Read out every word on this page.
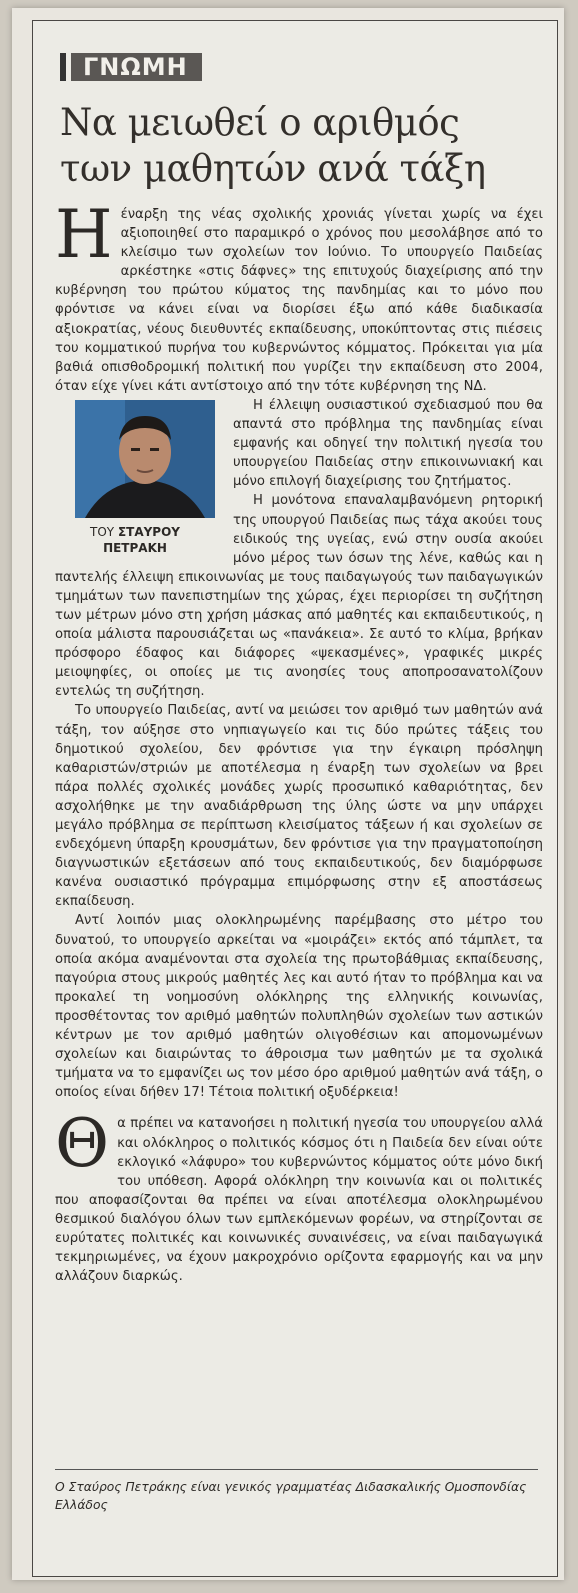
ΓΝΩΜΗ
Να μειωθεί ο αριθμός
των μαθητών ανά τάξη

Η έναρξη της νέας σχολικής χρονιάς γίνεται χωρίς να έχει αξιοποιηθεί στο παραμικρό ο χρόνος που μεσολάβησε από το κλείσιμο των σχολείων τον Ιούνιο. Το υπουργείο Παιδείας αρκέστηκε «στις δάφνες» της επιτυχούς διαχείρισης από την κυβέρνηση του πρώτου κύματος της πανδημίας και το μόνο που φρόντισε να κάνει είναι να διορίσει έξω από κάθε διαδικασία αξιοκρατίας, νέους διευθυντές εκπαίδευσης, υποκύπτοντας στις πιέσεις του κομματικού πυρήνα του κυβερνώντος κόμματος. Πρόκειται για μία βαθιά οπισθοδρομική πολιτική που γυρίζει την εκπαίδευση στο 2004, όταν είχε γίνει κάτι αντίστοιχο από την τότε κυβέρνηση της ΝΔ.

ΤΟΥ ΣΤΑΥΡΟΥ
ΠΕΤΡΑΚΗ

Η έλλειψη ουσιαστικού σχεδιασμού που θα απαντά στο πρόβλημα της πανδημίας είναι εμφανής και οδηγεί την πολιτική ηγεσία του υπουργείου Παιδείας στην επικοινωνιακή και μόνο επιλογή διαχείρισης του ζητήματος.

Η μονότονα επαναλαμβανόμενη ρητορική της υπουργού Παιδείας πως τάχα ακούει τους ειδικούς της υγείας, ενώ στην ουσία ακούει μόνο μέρος των όσων της λένε, καθώς και η παντελής έλλειψη επικοινωνίας με τους παιδαγωγούς των παιδαγωγικών τμημάτων των πανεπιστημίων της χώρας, έχει περιορίσει τη συζήτηση των μέτρων μόνο στη χρήση μάσκας από μαθητές και εκπαιδευτικούς, η οποία μάλιστα παρουσιάζεται ως «πανάκεια». Σε αυτό το κλίμα, βρήκαν πρόσφορο έδαφος και διάφορες «ψεκασμένες», γραφικές μικρές μειοψηφίες, οι οποίες με τις ανοησίες τους αποπροσανατολίζουν εντελώς τη συζήτηση.

Το υπουργείο Παιδείας, αντί να μειώσει τον αριθμό των μαθητών ανά τάξη, τον αύξησε στο νηπιαγωγείο και τις δύο πρώτες τάξεις του δημοτικού σχολείου, δεν φρόντισε για την έγκαιρη πρόσληψη καθαριστών/στριών με αποτέλεσμα η έναρξη των σχολείων να βρει πάρα πολλές σχολικές μονάδες χωρίς προσωπικό καθαριότητας, δεν ασχολήθηκε με την αναδιάρθρωση της ύλης ώστε να μην υπάρχει μεγάλο πρόβλημα σε περίπτωση κλεισίματος τάξεων ή και σχολείων σε ενδεχόμενη ύπαρξη κρουσμάτων, δεν φρόντισε για την πραγματοποίηση διαγνωστικών εξετάσεων από τους εκπαιδευτικούς, δεν διαμόρφωσε κανένα ουσιαστικό πρόγραμμα επιμόρφωσης στην εξ αποστάσεως εκπαίδευση.

Αντί λοιπόν μιας ολοκληρωμένης παρέμβασης στο μέτρο του δυνατού, το υπουργείο αρκείται να «μοιράζει» εκτός από τάμπλετ, τα οποία ακόμα αναμένονται στα σχολεία της πρωτοβάθμιας εκπαίδευσης, παγούρια στους μικρούς μαθητές λες και αυτό ήταν το πρόβλημα και να προκαλεί τη νοημοσύνη ολόκληρης της ελληνικής κοινωνίας, προσθέτοντας τον αριθμό μαθητών πολυπληθών σχολείων των αστικών κέντρων με τον αριθμό μαθητών ολιγοθέσιων και απομονωμένων σχολείων και διαιρώντας το άθροισμα των μαθητών με τα σχολικά τμήματα να το εμφανίζει ως τον μέσο όρο αριθμού μαθητών ανά τάξη, ο οποίος είναι δήθεν 17! Τέτοια πολιτική οξυδέρκεια!

Θ α πρέπει να κατανοήσει η πολιτική ηγεσία του υπουργείου αλλά και ολόκληρος ο πολιτικός κόσμος ότι η Παιδεία δεν είναι ούτε εκλογικό «λάφυρο» του κυβερνώντος κόμματος ούτε μόνο δική του υπόθεση. Αφορά ολόκληρη την κοινωνία και οι πολιτικές που αποφασίζονται θα πρέπει να είναι αποτέλεσμα ολοκληρωμένου θεσμικού διαλόγου όλων των εμπλεκόμενων φορέων, να στηρίζονται σε ευρύτατες πολιτικές και κοινωνικές συναινέσεις, να είναι παιδαγωγικά τεκμηριωμένες, να έχουν μακροχρόνιο ορίζοντα εφαρμογής και να μην αλλάζουν διαρκώς.

Ο Σταύρος Πετράκης είναι γενικός γραμματέας Διδασκαλικής Ομοσπονδίας Ελλάδος
